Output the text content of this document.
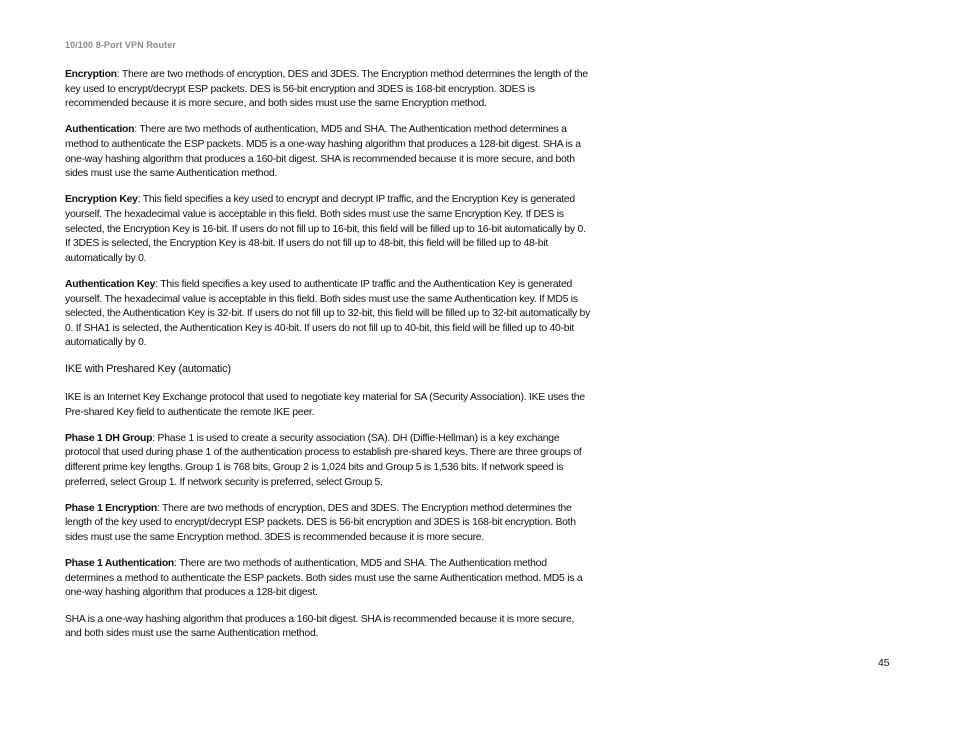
10/100 8-Port VPN Router

Encryption: There are two methods of encryption, DES and 3DES. The Encryption method determines the length of the key used to encrypt/decrypt ESP packets. DES is 56-bit encryption and 3DES is 168-bit encryption. 3DES is recommended because it is more secure, and both sides must use the same Encryption method.

Authentication: There are two methods of authentication, MD5 and SHA. The Authentication method determines a method to authenticate the ESP packets. MD5 is a one-way hashing algorithm that produces a 128-bit digest. SHA is a one-way hashing algorithm that produces a 160-bit digest. SHA is recommended because it is more secure, and both sides must use the same Authentication method.

Encryption Key: This field specifies a key used to encrypt and decrypt IP traffic, and the Encryption Key is generated yourself. The hexadecimal value is acceptable in this field. Both sides must use the same Encryption Key. If DES is selected, the Encryption Key is 16-bit. If users do not fill up to 16-bit, this field will be filled up to 16-bit automatically by 0. If 3DES is selected, the Encryption Key is 48-bit. If users do not fill up to 48-bit, this field will be filled up to 48-bit automatically by 0.

Authentication Key: This field specifies a key used to authenticate IP traffic and the Authentication Key is generated yourself. The hexadecimal value is acceptable in this field. Both sides must use the same Authentication key. If MD5 is selected, the Authentication Key is 32-bit. If users do not fill up to 32-bit, this field will be filled up to 32-bit automatically by 0. If SHA1 is selected, the Authentication Key is 40-bit. If users do not fill up to 40-bit, this field will be filled up to 40-bit automatically by 0.

IKE with Preshared Key (automatic)

IKE is an Internet Key Exchange protocol that used to negotiate key material for SA (Security Association). IKE uses the Pre-shared Key field to authenticate the remote IKE peer.

Phase 1 DH Group: Phase 1 is used to create a security association (SA). DH (Diffie-Hellman) is a key exchange protocol that used during phase 1 of the authentication process to establish pre-shared keys. There are three groups of different prime key lengths. Group 1 is 768 bits, Group 2 is 1,024 bits and Group 5 is 1,536 bits. If network speed is preferred, select Group 1. If network security is preferred, select Group 5.

Phase 1 Encryption: There are two methods of encryption, DES and 3DES. The Encryption method determines the length of the key used to encrypt/decrypt ESP packets. DES is 56-bit encryption and 3DES is 168-bit encryption. Both sides must use the same Encryption method. 3DES is recommended because it is more secure.

Phase 1 Authentication: There are two methods of authentication, MD5 and SHA. The Authentication method determines a method to authenticate the ESP packets. Both sides must use the same Authentication method. MD5 is a one-way hashing algorithm that produces a 128-bit digest.

SHA is a one-way hashing algorithm that produces a 160-bit digest. SHA is recommended because it is more secure, and both sides must use the same Authentication method.

45
